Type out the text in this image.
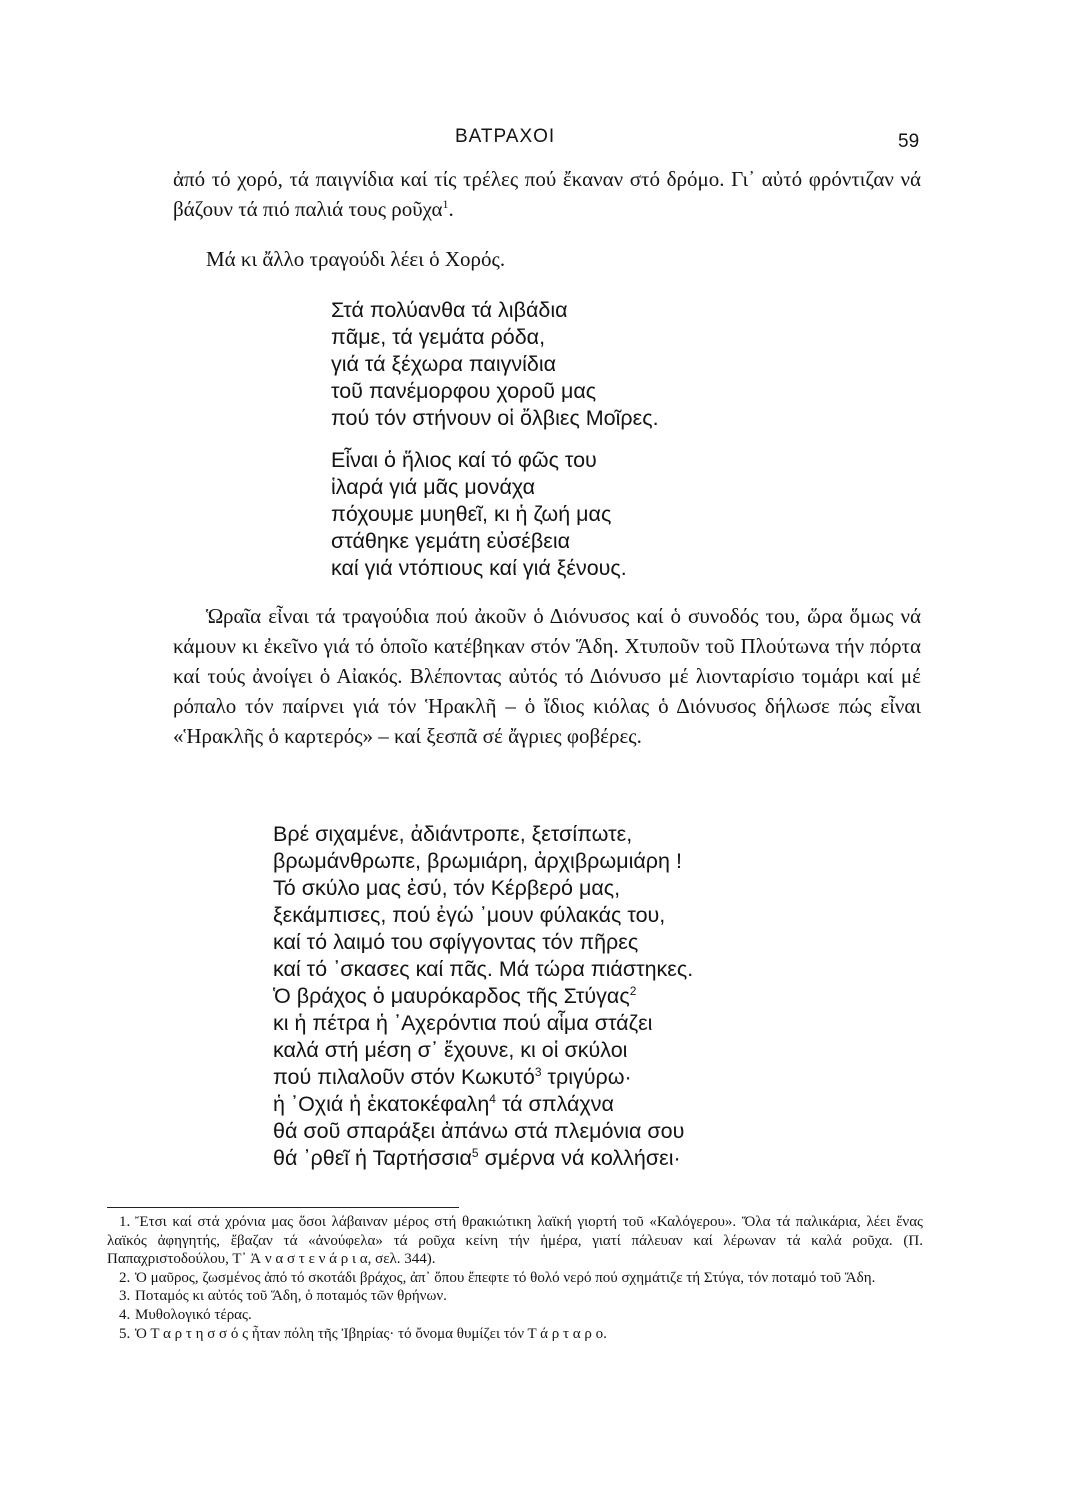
ΒΑΤΡΑΧΟΙ	59

ἀπό τό χορό, τά παιγνίδια καί τίς τρέλες πού ἔκαναν στό δρόμο. Γι᾽ αὐτό φρόντιζαν νά βάζουν τά πιό παλιά τους ροῦχα$^1$.

Μά κι ἄλλο τραγούδι λέει ὁ Χορός.

Στά πολύανθα τά λιβάδια
πᾶμε, τά γεμάτα ρόδα,
γιά τά ξέχωρα παιγνίδια
τοῦ πανέμορφου χοροῦ μας
πού τόν στήνουν οἱ ὄλβιες Μοῖρες.
Εἶναι ὁ ἥλιος καί τό φῶς του
ἱλαρά γιά μᾶς μονάχα
πόχουμε μυηθεῖ, κι ἡ ζωή μας
στάθηκε γεμάτη εὐσέβεια
καί γιά ντόπιους καί γιά ξένους.

Ὡραῖα εἶναι τά τραγούδια πού ἀκοῦν ὁ Διόνυσος καί ὁ συνοδός του, ὥρα ὅμως νά κάμουν κι ἐκεῖνο γιά τό ὁποῖο κατέβηκαν στόν Ἅδη. Χτυποῦν τοῦ Πλούτωνα τήν πόρτα καί τούς ἀνοίγει ὁ Αἰακός. Βλέποντας αὐτός τό Διόνυσο μέ λιονταρίσιο τομάρι καί μέ ρόπαλο τόν παίρνει γιά τόν Ἡρακλῆ – ὁ ἴδιος κιόλας ὁ Διόνυσος δήλωσε πώς εἶναι «Ἡρακλῆς ὁ καρτερός» – καί ξεσπᾶ σέ ἄγριες φοβέρες.

Βρέ σιχαμένε, ἀδιάντροπε, ξετσίπωτε,
βρωμάνθρωπε, βρωμιάρη, ἀρχιβρωμιάρη !
Τό σκύλο μας ἐσύ, τόν Κέρβερό μας,
ξεκάμπισες, πού ἐγώ ᾽μουν φύλακάς του,
καί τό λαιμό του σφίγγοντας τόν πῆρες
καί τό ᾽σκασες καί πᾶς. Μά τώρα πιάστηκες.
Ὁ βράχος ὁ μαυρόκαρδος τῆς Στύγας$^2$
κι ἡ πέτρα ἡ ᾽Αχερόντια πού αἷμα στάζει
καλά στή μέση σ᾽ ἔχουνε, κι οἱ σκύλοι
πού πιλαλοῦν στόν Κωκυτό$^3$ τριγύρω·
ἡ ᾽Οχιά ἡ ἑκατοκέφαλη$^4$ τά σπλάχνα
θά σοῦ σπαράξει ἀπάνω στά πλεμόνια σου
θά ᾽ρθεῖ ἡ Ταρτήσσια$^5$ σμέρνα νά κολλήσει·
1. Ἔτσι καί στά χρόνια μας ὅσοι λάβαιναν μέρος στή θρακιώτικη λαϊκή γιορτή τοῦ «Καλόγερου». Ὅλα τά παλικάρια, λέει ἕνας λαϊκός ἀφηγητής, ἔβαζαν τά «ἀνούφελα» τά ροῦχα κείνη τήν ἡμέρα, γιατί πάλευαν καί λέρωναν τά καλά ροῦχα. (Π. Παπαχριστοδούλου, Τ᾽ Ἀ ν α σ τ ε ν ά ρ ι α, σελ. 344).
2. Ὁ μαῦρος, ζωσμένος ἀπό τό σκοτάδι βράχος, ἀπ᾽ ὅπου ἔπεφτε τό θολό νερό πού σχημάτιζε τή Στύγα, τόν ποταμό τοῦ Ἅδη.
3. Ποταμός κι αὐτός τοῦ Ἅδη, ὁ ποταμός τῶν θρήνων.
4. Μυθολογικό τέρας.
5. Ὁ Τ α ρ τ η σ σ ό ς ἦταν πόλη τῆς Ἰβηρίας· τό ὄνομα θυμίζει τόν Τ ά ρ τ α ρ ο.
